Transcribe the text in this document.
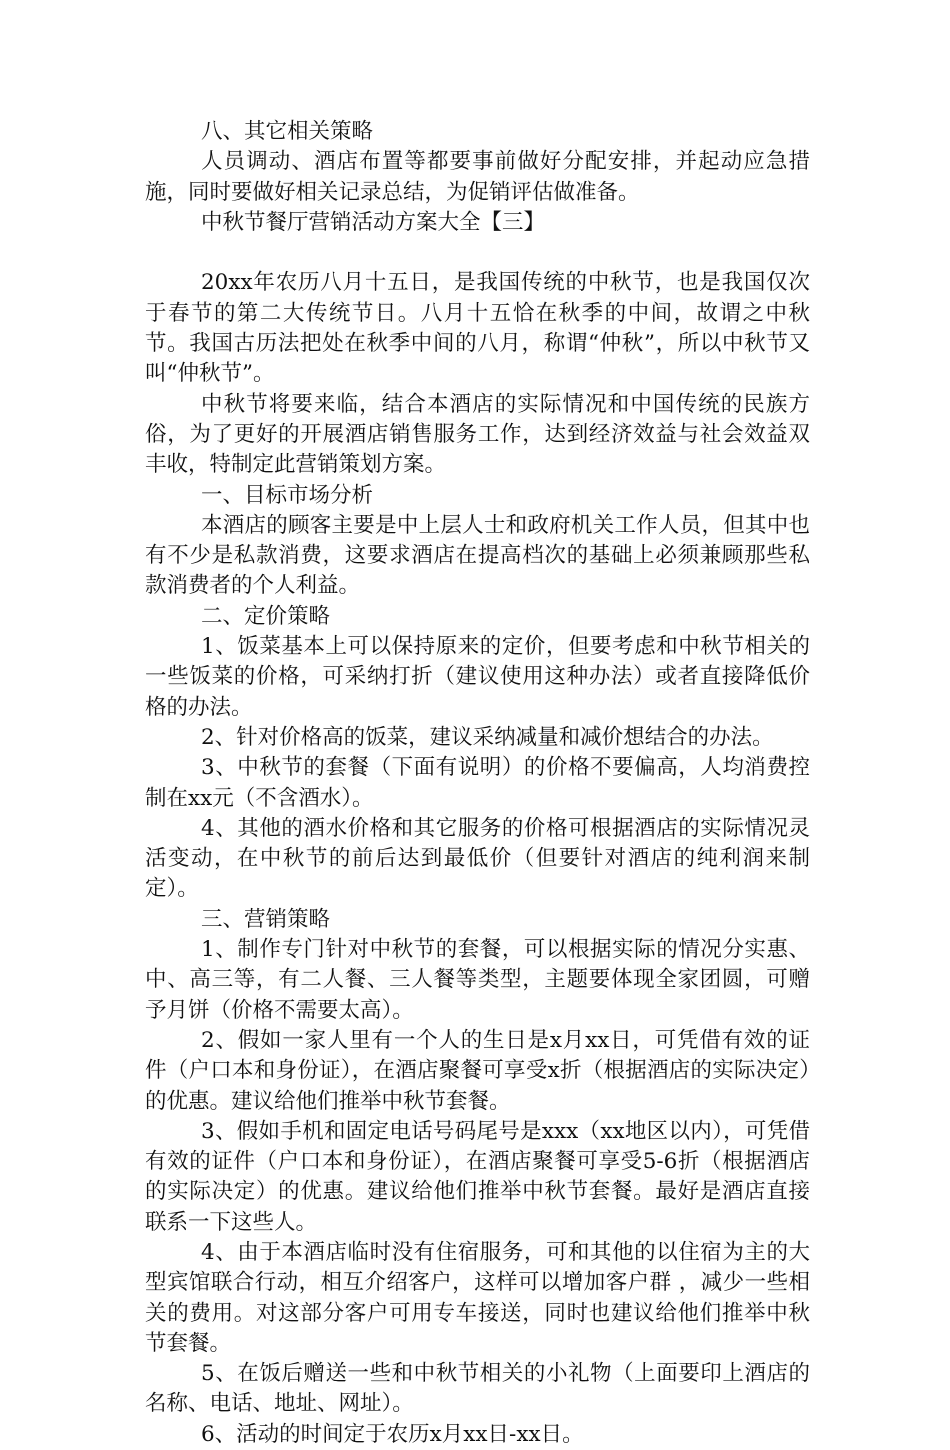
八、其它相关策略

人员调动、酒店布置等都要事前做好分配安排，并起动应急措施，同时要做好相关记录总结，为促销评估做准备。

中秋节餐厅营销活动方案大全【三】

20xx年农历八月十五日，是我国传统的中秋节，也是我国仅次于春节的第二大传统节日。八月十五恰在秋季的中间，故谓之中秋节。我国古历法把处在秋季中间的八月，称谓“仲秋”，所以中秋节又叫“仲秋节”。

中秋节将要来临，结合本酒店的实际情况和中国传统的民族方俗，为了更好的开展酒店销售服务工作，达到经济效益与社会效益双丰收，特制定此营销策划方案。

一、目标市场分析

本酒店的顾客主要是中上层人士和政府机关工作人员，但其中也有不少是私款消费，这要求酒店在提高档次的基础上必须兼顾那些私款消费者的个人利益。

二、定价策略

1、饭菜基本上可以保持原来的定价，但要考虑和中秋节相关的一些饭菜的价格，可采纳打折（建议使用这种办法）或者直接降低价格的办法。

2、针对价格高的饭菜，建议采纳减量和减价想结合的办法。

3、中秋节的套餐（下面有说明）的价格不要偏高，人均消费控制在xx元（不含酒水）。

4、其他的酒水价格和其它服务的价格可根据酒店的实际情况灵活变动，在中秋节的前后达到最低价（但要针对酒店的纯利润来制定）。

三、营销策略

1、制作专门针对中秋节的套餐，可以根据实际的情况分实惠、中、高三等，有二人餐、三人餐等类型，主题要体现全家团圆，可赠予月饼（价格不需要太高）。

2、假如一家人里有一个人的生日是x月xx日，可凭借有效的证件（户口本和身份证），在酒店聚餐可享受x折（根据酒店的实际决定）的优惠。建议给他们推举中秋节套餐。

3、假如手机和固定电话号码尾号是xxx（xx地区以内），可凭借有效的证件（户口本和身份证），在酒店聚餐可享受5-6折（根据酒店的实际决定）的优惠。建议给他们推举中秋节套餐。最好是酒店直接联系一下这些人。

4、由于本酒店临时没有住宿服务，可和其他的以住宿为主的大型宾馆联合行动，相互介绍客户，这样可以增加客户群 ，减少一些相关的费用。对这部分客户可用专车接送，同时也建议给他们推举中秋节套餐。

5、在饭后赠送一些和中秋节相关的小礼物（上面要印上酒店的名称、电话、地址、网址）。

6、活动的时间定于农历x月xx日-xx日。
